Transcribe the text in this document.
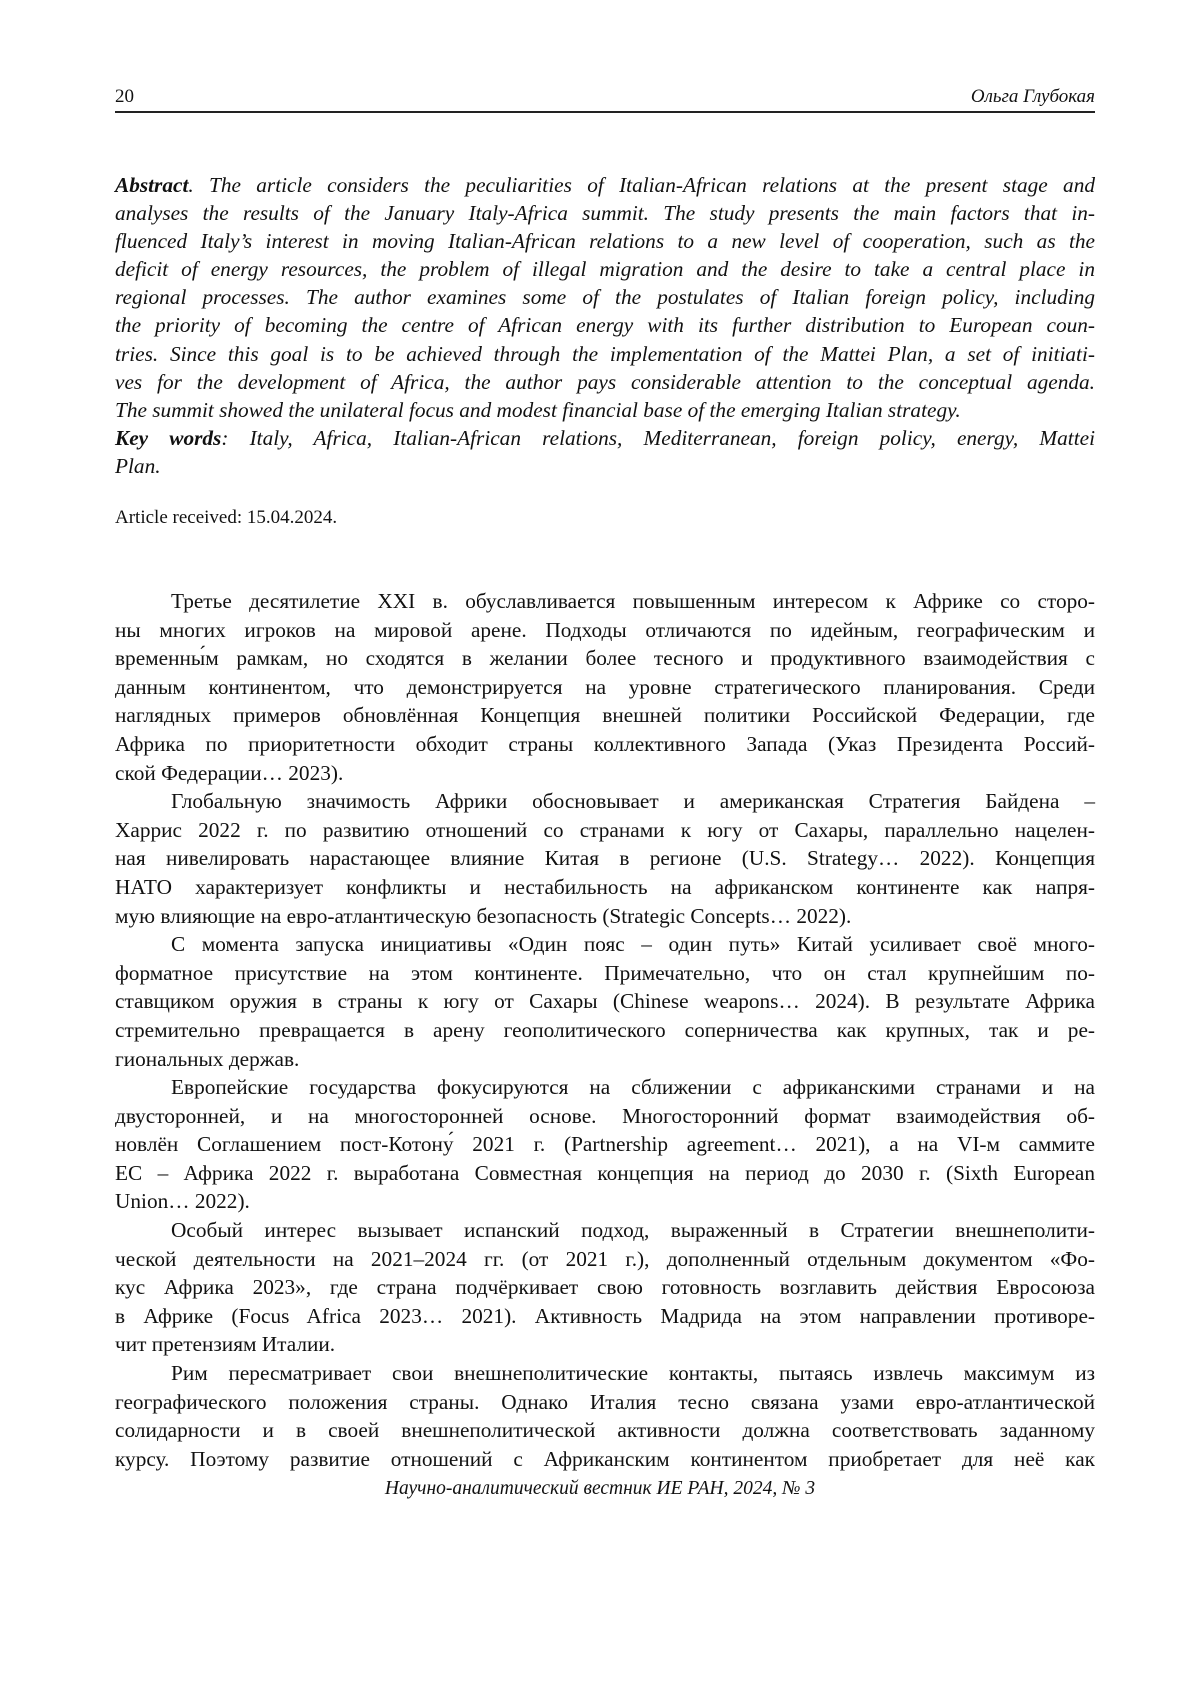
20	Ольга Глубокая
Abstract. The article considers the peculiarities of Italian-African relations at the present stage and
analyses the results of the January Italy-Africa summit. The study presents the main factors that in-
fluenced Italy’s interest in moving Italian-African relations to a new level of cooperation, such as the
deficit of energy resources, the problem of illegal migration and the desire to take a central place in
regional processes. The author examines some of the postulates of Italian foreign policy, including
the priority of becoming the centre of African energy with its further distribution to European coun-
tries. Since this goal is to be achieved through the implementation of the Mattei Plan, a set of initiati-
ves for the development of Africa, the author pays considerable attention to the conceptual agenda.
The summit showed the unilateral focus and modest financial base of the emerging Italian strategy.
Key words: Italy, Africa, Italian-African relations, Mediterranean, foreign policy, energy, Mattei
Plan.
Article received: 15.04.2024.
Третье десятилетие XXI в. обуславливается повышенным интересом к Африке со сторо-
ны многих игроков на мировой арене. Подходы отличаются по идейным, географическим и
временны́м рамкам, но сходятся в желании более тесного и продуктивного взаимодействия с
данным континентом, что демонстрируется на уровне стратегического планирования. Среди
наглядных примеров обновлённая Концепция внешней политики Российской Федерации, где
Африка по приоритетности обходит страны коллективного Запада (Указ Президента Россий-
ской Федерации… 2023).
Глобальную значимость Африки обосновывает и американская Стратегия Байдена –
Харрис 2022 г. по развитию отношений со странами к югу от Сахары, параллельно нацелен-
ная нивелировать нарастающее влияние Китая в регионе (U.S. Strategy… 2022). Концепция
НАТО характеризует конфликты и нестабильность на африканском континенте как напря-
мую влияющие на евро-атлантическую безопасность (Strategic Concepts… 2022).
С момента запуска инициативы «Один пояс – один путь» Китай усиливает своё много-
форматное присутствие на этом континенте. Примечательно, что он стал крупнейшим по-
ставщиком оружия в страны к югу от Сахары (Chinese weapons… 2024). В результате Африка
стремительно превращается в арену геополитического соперничества как крупных, так и ре-
гиональных держав.
Европейские государства фокусируются на сближении с африканскими странами и на
двусторонней, и на многосторонней основе. Многосторонний формат взаимодействия об-
новлён Соглашением пост-Котону́ 2021 г. (Partnership agreement… 2021), а на VI-м саммите
ЕС – Африка 2022 г. выработана Совместная концепция на период до 2030 г. (Sixth European
Union… 2022).
Особый интерес вызывает испанский подход, выраженный в Стратегии внешнеполити-
ческой деятельности на 2021–2024 гг. (от 2021 г.), дополненный отдельным документом «Фо-
кус Африка 2023», где страна подчёркивает свою готовность возглавить действия Евросоюза
в Африке (Focus Africa 2023… 2021). Активность Мадрида на этом направлении противоре-
чит претензиям Италии.
Рим пересматривает свои внешнеполитические контакты, пытаясь извлечь максимум из
географического положения страны. Однако Италия тесно связана узами евро-атлантической
солидарности и в своей внешнеполитической активности должна соответствовать заданному
курсу. Поэтому развитие отношений с Африканским континентом приобретает для неё как
Научно-аналитический вестник ИЕ РАН, 2024, № 3
